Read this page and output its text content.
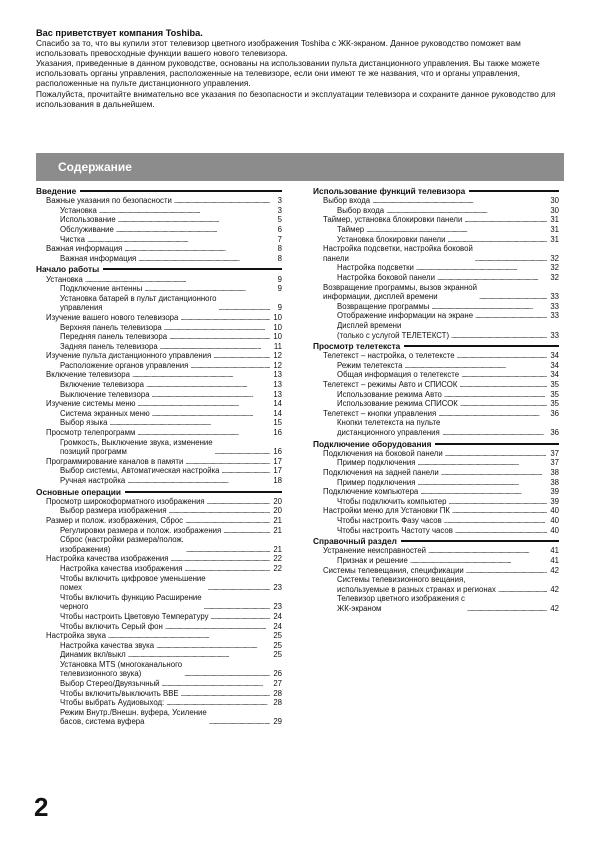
Вас приветствует компания Toshiba.

Спасибо за то, что вы купили этот телевизор цветного изображения Toshiba с ЖК-экраном. Данное руководство поможет вам использовать превосходные функции вашего нового телевизора.

Указания, приведенные в данном руководстве, основаны на использовании пульта дистанционного управления. Вы также можете использовать органы управления, расположенные на телевизоре, если они имеют те же названия, что и органы управления, расположенные на пульте дистанционного управления.

Пожалуйста, прочитайте внимательно все указания по безопасности и эксплуатации телевизора и сохраните данное руководство для использования в дальнейшем.

Содержание
Введение
Важные указания по безопасности . . .	3
Установка . . .	3
Использование . . .	5
Обслуживание . . .	6
Чистка . . .	7
Важная информация . . .	8
Важная информация . . .	8
Начало работы
Установка . . .	9
Подключение антенны . . .	9
Установка батарей в пульт дистанционного
управления . . .	9
Изучение вашего нового телевизора . . .	10
Верхняя панель телевизора . . .	10
Передняя панель телевизора . . .	10
Задняя панель телевизора . . .	11
Изучение пульта дистанционного управления . . .	12
Расположение органов управления . . .	12
Включение телевизора . . .	13
Включение телевизора . . .	13
Выключение телевизора . . .	13
Изучение системы меню . . .	14
Система экранных меню . . .	14
Выбор языка . . .	15
Просмотр телепрограмм . . .	16
Громкость, Выключение звука, изменение
позиций программ . . .	16
Программирование каналов в памяти . . .	17
Выбор системы, Автоматическая настройка . . .	17
Ручная настройка . . .	18
Основные операции
Просмотр широкоформатного изображения . . .	20
Выбор размера изображения . . .	20
Размер и полож. изображения, Сброс . . .	21
Регулировки размера и полож. изображения . . .	21
Сброс (настройки размера/полож.
изображения) . . .	21
Настройка качества изображения . . .	22
Настройка качества изображения . . .	22
Чтобы включить цифровое уменьшение
помех . . .	23
Чтобы включить функцию Расширение
черного . . .	23
Чтобы настроить Цветовую Температуру . . .	24
Чтобы включить Серый фон . . .	24
Настройка звука . . .	25
Настройка качества звука . . .	25
Динамик вкл/выкл . . .	25
Установка MTS (многоканального
телевизионного звука) . . .	26
Выбор Стерео/Двуязычный . . .	27
Чтобы включить/выключить BBE . . .	28
Чтобы выбрать Аудиовыход: . . .	28
Режим Внутр./Внешн. вуфера, Усиление
басов, система вуфера . . .	29
Использование функций телевизора
Выбор входа . . .	30
Выбор входа . . .	30
Таймер, установка блокировки панели . . .	31
Таймер . . .	31
Установка блокировки панели . . .	31
Настройка подсветки, настройка боковой
панели . . .	32
Настройка подсветки . . .	32
Настройка боковой панели . . .	32
Возвращение программы, вызов экранной
информации, дисплей времени . . .	33
Возвращение программы . . .	33
Отображение информации на экране . . .	33
Дисплей времени
(только с услугой ТЕЛЕТЕКСТ) . . .	33
Просмотр телетекста
Телетекст – настройка, о телетексте . . .	34
Режим телетекста . . .	34
Общая информация о телетексте . . .	34
Телетекст – режимы Авто и СПИСОК . . .	35
Использование режима Авто . . .	35
Использование режима СПИСОК . . .	35
Телетекст – кнопки управления . . .	36
Кнопки телетекста на пульте
дистанционного управления . . .	36
Подключение оборудования
Подключения на боковой панели . . .	37
Пример подключения . . .	37
Подключения на задней панели . . .	38
Пример подключения . . .	38
Подключение компьютера . . .	39
Чтобы подключить компьютер . . .	39
Настройки меню для Установки ПК . . .	40
Чтобы настроить Фазу часов . . .	40
Чтобы настроить Частоту часов . . .	40
Справочный раздел
Устранение неисправностей . . .	41
Признак и решение . . .	41
Системы телевещания, спецификации . . .	42
Системы телевизионного вещания,
используемые в разных странах и регионах . . .	42
Телевизор цветного изображения с
ЖК-экраном . . .	42
2
